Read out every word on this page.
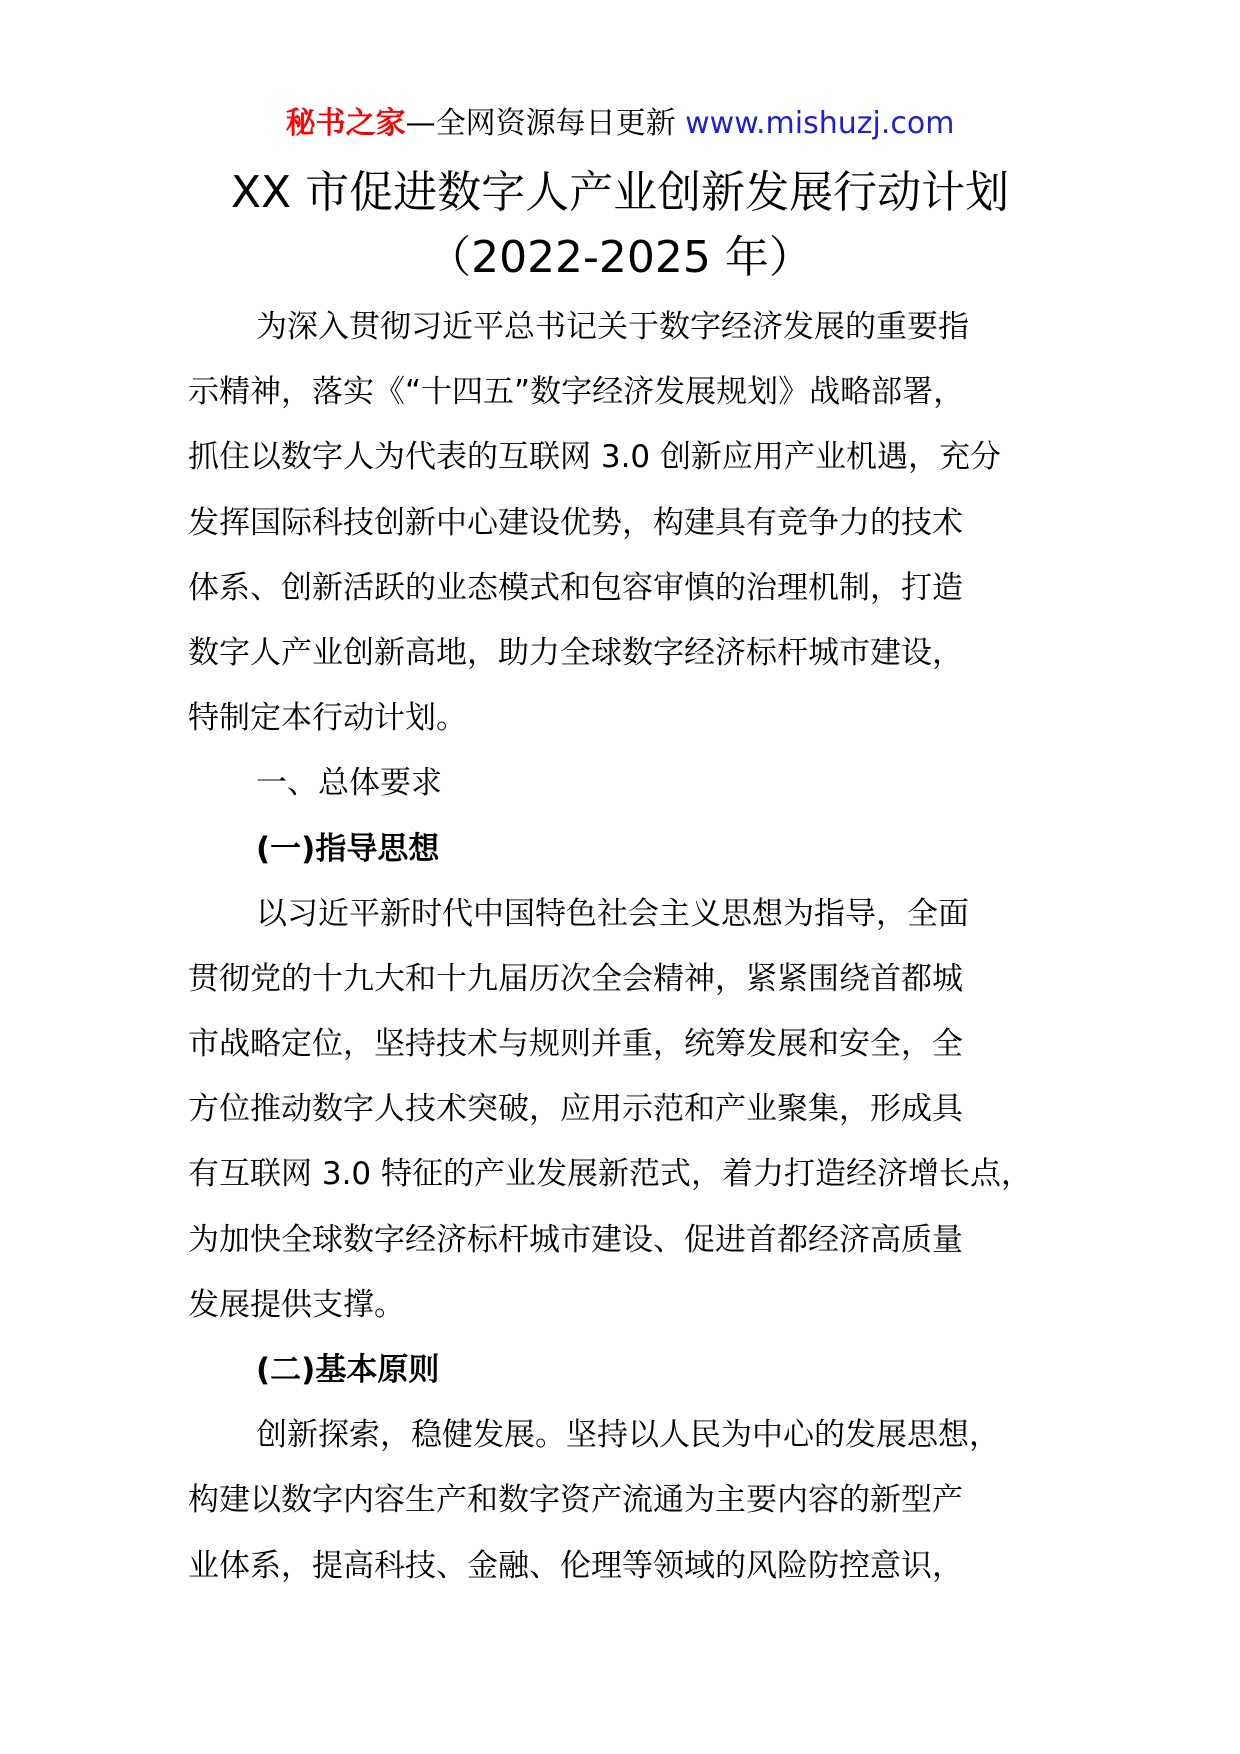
秘书之家—全网资源每日更新 www.mishuzj.com
XX 市促进数字人产业创新发展行动计划
（2022-2025 年）
为深入贯彻习近平总书记关于数字经济发展的重要指
示精神，落实《“十四五”数字经济发展规划》战略部署，
抓住以数字人为代表的互联网 3.0 创新应用产业机遇，充分
发挥国际科技创新中心建设优势，构建具有竞争力的技术
体系、创新活跃的业态模式和包容审慎的治理机制，打造
数字人产业创新高地，助力全球数字经济标杆城市建设，
特制定本行动计划。
一、总体要求
(一)指导思想
以习近平新时代中国特色社会主义思想为指导，全面
贯彻党的十九大和十九届历次全会精神，紧紧围绕首都城
市战略定位，坚持技术与规则并重，统筹发展和安全，全
方位推动数字人技术突破，应用示范和产业聚集，形成具
有互联网 3.0 特征的产业发展新范式，着力打造经济增长点，
为加快全球数字经济标杆城市建设、促进首都经济高质量
发展提供支撑。
(二)基本原则
创新探索，稳健发展。坚持以人民为中心的发展思想，
构建以数字内容生产和数字资产流通为主要内容的新型产
业体系，提高科技、金融、伦理等领域的风险防控意识，
